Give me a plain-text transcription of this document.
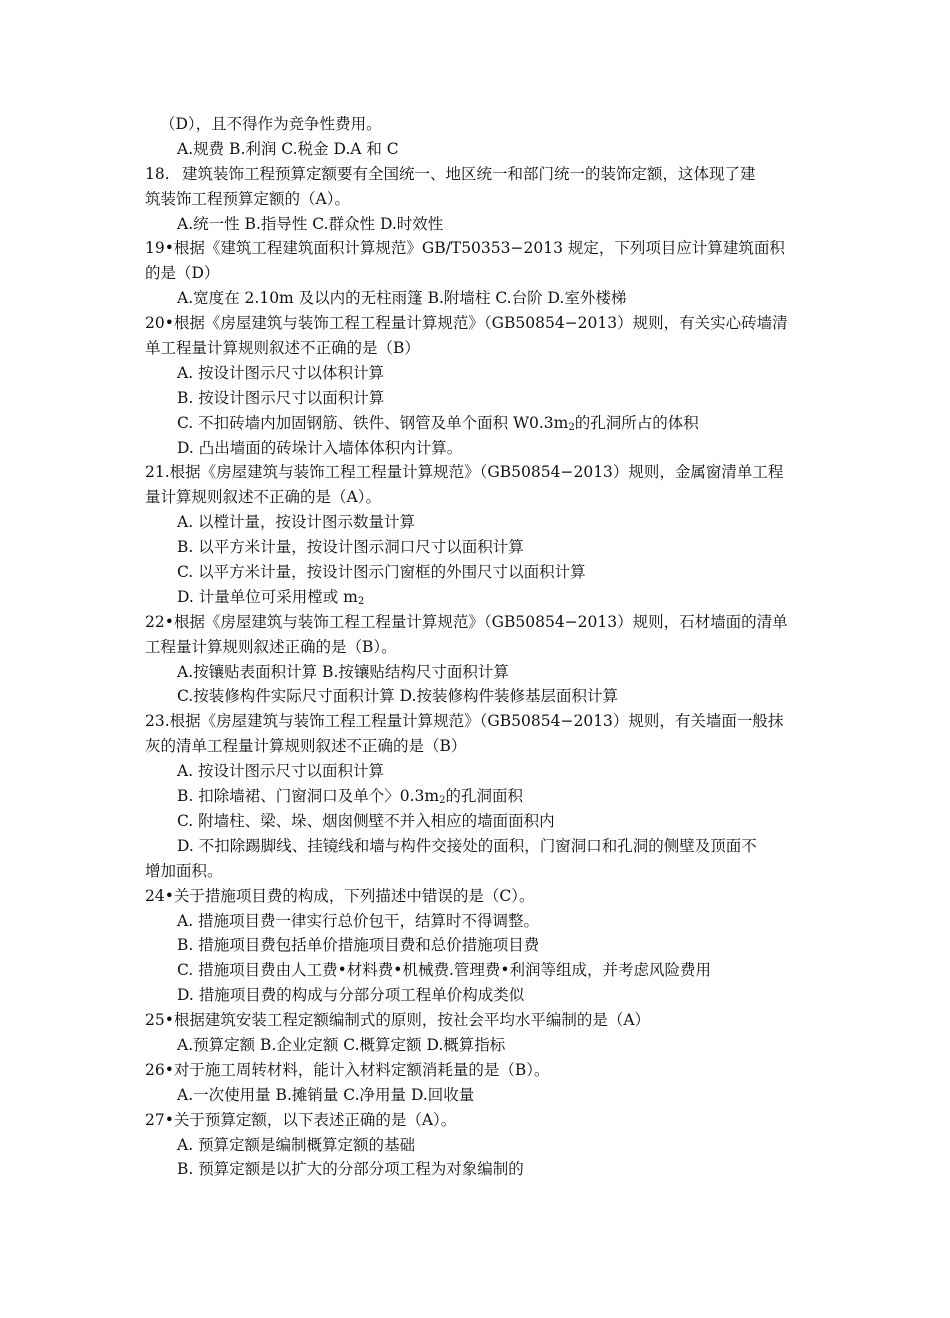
（D），且不得作为竞争性费用。
A.规费 B.利润 C.税金 D.A 和 C
18. 建筑装饰工程预算定额要有全国统一、地区统一和部门统一的装饰定额，这体现了建
筑装饰工程预算定额的（A）。
A.统一性 B.指导性 C.群众性 D.时效性
19•根据《建筑工程建筑面积计算规范》GB/T50353−2013 规定，下列项目应计算建筑面积
的是（D）
A.宽度在 2.10m 及以内的无柱雨篷 B.附墙柱 C.台阶 D.室外楼梯
20•根据《房屋建筑与装饰工程工程量计算规范》（GB50854−2013）规则，有关实心砖墙清
单工程量计算规则叙述不正确的是（B）
A. 按设计图示尺寸以体积计算
B. 按设计图示尺寸以面积计算
C. 不扣砖墙内加固钢筋、铁件、钢管及单个面积 $W0.3m_2$的孔洞所占的体积
D. 凸出墙面的砖垛计入墙体体积内计算。
21.根据《房屋建筑与装饰工程工程量计算规范》（GB50854−2013）规则，金属窗清单工程
量计算规则叙述不正确的是（A）。
A. 以樘计量，按设计图示数量计算
B. 以平方米计量，按设计图示洞口尺寸以面积计算
C. 以平方米计量，按设计图示门窗框的外围尺寸以面积计算
D. 计量单位可采用樘或 $m_2$
22•根据《房屋建筑与装饰工程工程量计算规范》（GB50854−2013）规则，石材墙面的清单
工程量计算规则叙述正确的是（B）。
A.按镶贴表面积计算 B.按镶贴结构尺寸面积计算
C.按装修构件实际尺寸面积计算 D.按装修构件装修基层面积计算
23.根据《房屋建筑与装饰工程工程量计算规范》（GB50854−2013）规则，有关墙面一般抹
灰的清单工程量计算规则叙述不正确的是（B）
A. 按设计图示尺寸以面积计算
B. 扣除墙裙、门窗洞口及单个〉$0.3m_2$的孔洞面积
C. 附墙柱、梁、垛、烟囱侧壁不并入相应的墙面面积内
D. 不扣除踢脚线、挂镜线和墙与构件交接处的面积，门窗洞口和孔洞的侧壁及顶面不
增加面积。
24•关于措施项目费的构成，下列描述中错误的是（C）。
A. 措施项目费一律实行总价包干，结算时不得调整。
B. 措施项目费包括单价措施项目费和总价措施项目费
C. 措施项目费由人工费•材料费•机械费.管理费•利润等组成，并考虑风险费用
D. 措施项目费的构成与分部分项工程单价构成类似
25•根据建筑安装工程定额编制式的原则，按社会平均水平编制的是（A）
A.预算定额 B.企业定额 C.概算定额 D.概算指标
26•对于施工周转材料，能计入材料定额消耗量的是（B）。
A.一次使用量 B.摊销量 C.净用量 D.回收量
27•关于预算定额，以下表述正确的是（A）。
A. 预算定额是编制概算定额的基础
B. 预算定额是以扩大的分部分项工程为对象编制的
